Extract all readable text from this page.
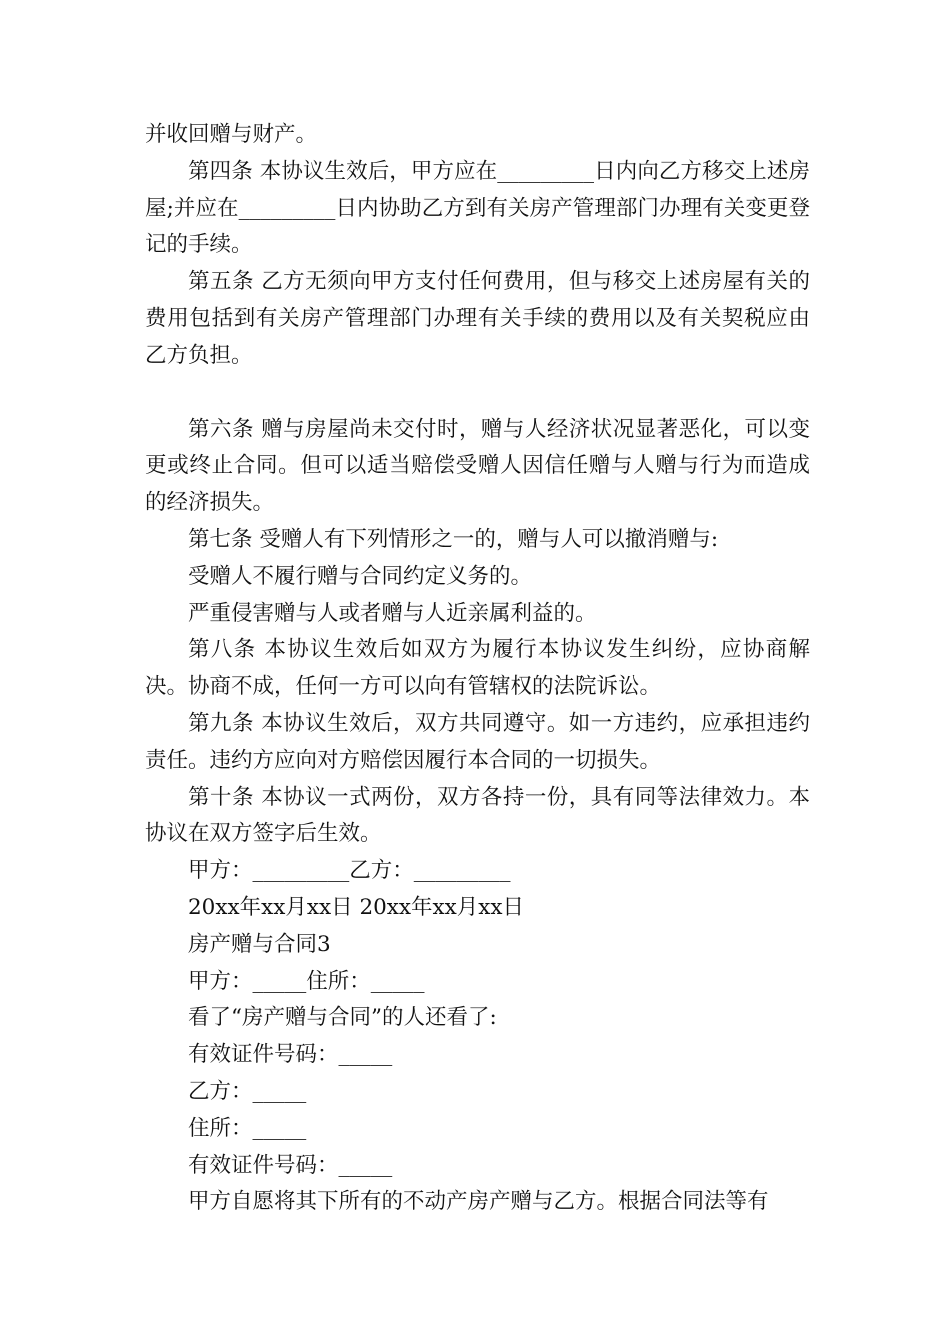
并收回赠与财产。

第四条 本协议生效后，甲方应在_________日内向乙方移交上述房屋;并应在_________日内协助乙方到有关房产管理部门办理有关变更登记的手续。

第五条 乙方无须向甲方支付任何费用，但与移交上述房屋有关的费用包括到有关房产管理部门办理有关手续的费用以及有关契税应由乙方负担。

第六条 赠与房屋尚未交付时，赠与人经济状况显著恶化，可以变更或终止合同。但可以适当赔偿受赠人因信任赠与人赠与行为而造成的经济损失。

第七条 受赠人有下列情形之一的，赠与人可以撤消赠与:

受赠人不履行赠与合同约定义务的。

严重侵害赠与人或者赠与人近亲属利益的。

第八条 本协议生效后如双方为履行本协议发生纠纷，应协商解决。协商不成，任何一方可以向有管辖权的法院诉讼。

第九条 本协议生效后，双方共同遵守。如一方违约，应承担违约责任。违约方应向对方赔偿因履行本合同的一切损失。

第十条 本协议一式两份，双方各持一份，具有同等法律效力。本协议在双方签字后生效。

甲方：_________乙方：_________

20xx年xx月xx日 20xx年xx月xx日

房产赠与合同3

甲方：_____住所：_____

看了“房产赠与合同”的人还看了:

有效证件号码：_____

乙方：_____

住所：_____

有效证件号码：_____

甲方自愿将其下所有的不动产房产赠与乙方。根据合同法等有
